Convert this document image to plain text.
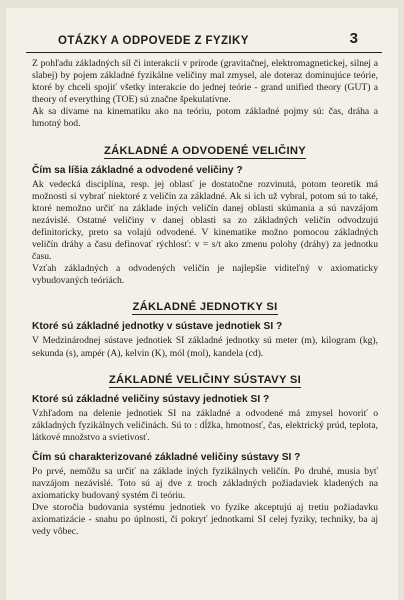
OTÁZKY A ODPOVEDE Z FYZIKY	3

Z pohľadu základných síl či interakcií v prírode (gravitačnej, elektromagnetickej, silnej a slabej) by pojem základné fyzikálne veličiny mal zmysel, ale doteraz dominujúce teórie, ktoré by chceli spojiť všetky interakcie do jednej teórie - grand unified theory (GUT) a theory of everything (TOE) sú značne špekulatívne.

Ak sa dívame na kinematiku ako na teóriu, potom základné pojmy sú: čas, dráha a hmotný bod.

ZÁKLADNÉ A ODVODENÉ VELIČINY
Čím sa líšia základné a odvodené veličiny ?

Ak vedecká disciplína, resp. jej oblasť je dostatočne rozvinutá, potom teoretik má možnosti si vybrať niektoré z veličín za základné. Ak si ich už vybral, potom sú to také, ktoré nemožno určiť na základe iných veličín danej oblasti skúmania a sú navzájom nezávislé. Ostatné veličiny v danej oblasti sa zo základných veličín odvodzujú definitoricky, preto sa volajú odvodené. V kinematike možno pomocou základných veličín dráhy a času definovať rýchlosť: v = s/t ako zmenu polohy (dráhy) za jednotku času.

Vzťah základných a odvodených veličín je najlepšie viditeľný v axiomaticky vybudovaných teóriách.

ZÁKLADNÉ JEDNOTKY SI
Ktoré sú základné jednotky v sústave jednotiek SI ?

V Medzinárodnej sústave jednotiek SI základné jednotky sú meter (m), kilogram (kg), sekunda (s), ampér (A), kelvin (K), mól (mol), kandela (cd).

ZÁKLADNÉ VELIČINY SÚSTAVY SI
Ktoré sú základné veličiny sústavy jednotiek SI ?

Vzhľadom na delenie jednotiek SI na základné a odvodené má zmysel hovoriť o základných fyzikálnych veličinách. Sú to : dĺžka, hmotnosť, čas, elektrický prúd, teplota, látkové množstvo a svietivosť.

Čím sú charakterizované základné veličiny sústavy SI ?

Po prvé, nemôžu sa určiť na základe iných fyzikálnych veličín. Po druhé, musia byť navzájom nezávislé. Toto sú aj dve z troch základných požiadaviek kladených na axiomaticky budovaný systém či teóriu.

Dve storočia budovania systému jednotiek vo fyzike akceptujú aj tretiu požiadavku axiomatizácie - snahu po úplnosti, či pokryť jednotkami SI celej fyziky, techniky, ba aj vedy vôbec.
